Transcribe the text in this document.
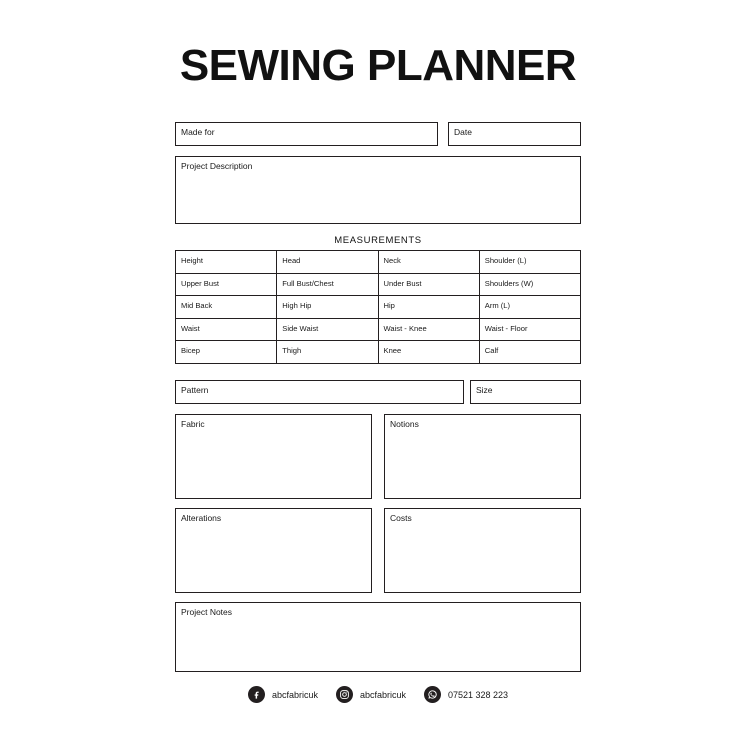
SEWING PLANNER
Made for	Date
Project Description
MEASUREMENTS
Height	Head	Neck	Shoulder (L)
Upper Bust	Full Bust/Chest	Under Bust	Shoulders (W)
Mid Back	High Hip	Hip	Arm (L)
Waist	Side Waist	Waist - Knee	Waist - Floor
Bicep	Thigh	Knee	Calf
Pattern	Size
Fabric	Notions
Alterations	Costs
Project Notes
abcfabricuk	abcfabricuk	07521 328 223
